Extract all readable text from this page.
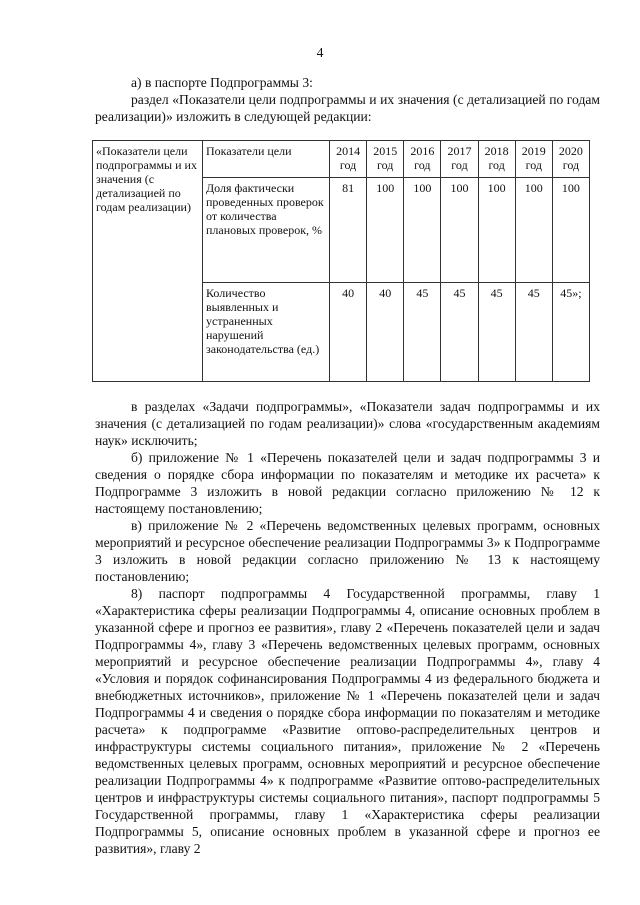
4

а) в паспорте Подпрограммы 3:

раздел «Показатели цели подпрограммы и их значения (с детализацией по годам реализации)» изложить в следующей редакции:

«Показатели цели подпрограммы и их значения (с детализацией по годам реализации)	Показатели цели	2014 год	2015 год	2016 год	2017 год	2018 год	2019 год	2020 год
	Доля фактически проведенных проверок от количества плановых проверок, %	81	100	100	100	100	100	100
	Количество выявленных и устраненных нарушений законодательства (ед.)	40	40	45	45	45	45	45»;

в разделах «Задачи подпрограммы», «Показатели задач подпрограммы и их значения (с детализацией по годам реализации)» слова «государственным академиям наук» исключить;

б) приложение № 1 «Перечень показателей цели и задач подпрограммы 3 и сведения о порядке сбора информации по показателям и методике их расчета» к Подпрограмме 3 изложить в новой редакции согласно приложению № 12 к настоящему постановлению;

в) приложение № 2 «Перечень ведомственных целевых программ, основных мероприятий и ресурсное обеспечение реализации Подпрограммы 3» к Подпрограмме 3 изложить в новой редакции согласно приложению № 13 к настоящему постановлению;

8) паспорт подпрограммы 4 Государственной программы, главу 1 «Характеристика сферы реализации Подпрограммы 4, описание основных проблем в указанной сфере и прогноз ее развития», главу 2 «Перечень показателей цели и задач Подпрограммы 4», главу 3 «Перечень ведомственных целевых программ, основных мероприятий и ресурсное обеспечение реализации Подпрограммы 4», главу 4 «Условия и порядок софинансирования Подпрограммы 4 из федерального бюджета и внебюджетных источников», приложение № 1 «Перечень показателей цели и задач Подпрограммы 4 и сведения о порядке сбора информации по показателям и методике расчета» к подпрограмме «Развитие оптово-распределительных центров и инфраструктуры системы социального питания», приложение № 2 «Перечень ведомственных целевых программ, основных мероприятий и ресурсное обеспечение реализации Подпрограммы 4» к подпрограмме «Развитие оптово-распределительных центров и инфраструктуры системы социального питания», паспорт подпрограммы 5 Государственной программы, главу 1 «Характеристика сферы реализации Подпрограммы 5, описание основных проблем в указанной сфере и прогноз ее развития», главу 2
